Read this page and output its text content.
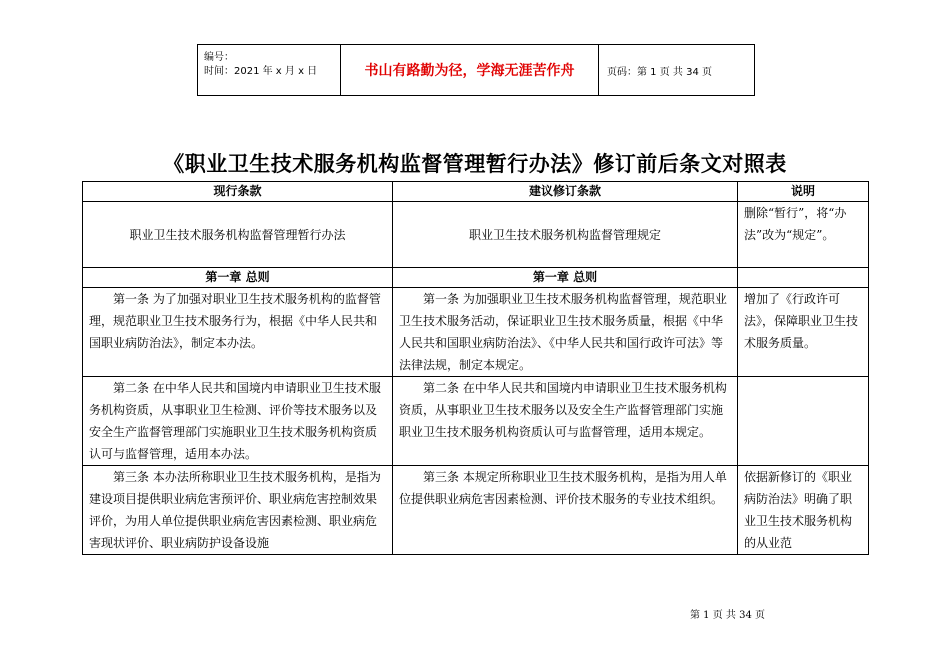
编号：
时间：2021 年 x 月 x 日	书山有路勤为径，学海无涯苦作舟	页码：第 1 页 共 34 页
《职业卫生技术服务机构监督管理暂行办法》修订前后条文对照表
现行条款	建议修订条款	说明
职业卫生技术服务机构监督管理暂行办法	职业卫生技术服务机构监督管理规定	删除“暂行”，将“办法”改为“规定”。
第一章 总则	第一章 总则	
第一条 为了加强对职业卫生技术服务机构的监督管理，规范职业卫生技术服务行为，根据《中华人民共和国职业病防治法》，制定本办法。	第一条 为加强职业卫生技术服务机构监督管理，规范职业卫生技术服务活动，保证职业卫生技术服务质量，根据《中华人民共和国职业病防治法》、《中华人民共和国行政许可法》等法律法规，制定本规定。	增加了《行政许可法》，保障职业卫生技术服务质量。
第二条 在中华人民共和国境内申请职业卫生技术服务机构资质，从事职业卫生检测、评价等技术服务以及安全生产监督管理部门实施职业卫生技术服务机构资质认可与监督管理，适用本办法。	第二条 在中华人民共和国境内申请职业卫生技术服务机构资质，从事职业卫生技术服务以及安全生产监督管理部门实施职业卫生技术服务机构资质认可与监督管理，适用本规定。	
第三条 本办法所称职业卫生技术服务机构，是指为建设项目提供职业病危害预评价、职业病危害控制效果评价，为用人单位提供职业病危害因素检测、职业病危害现状评价、职业病防护设备设施	第三条 本规定所称职业卫生技术服务机构，是指为用人单位提供职业病危害因素检测、评价技术服务的专业技术组织。	依据新修订的《职业病防治法》明确了职业卫生技术服务机构的从业范
第 1 页 共 34 页
